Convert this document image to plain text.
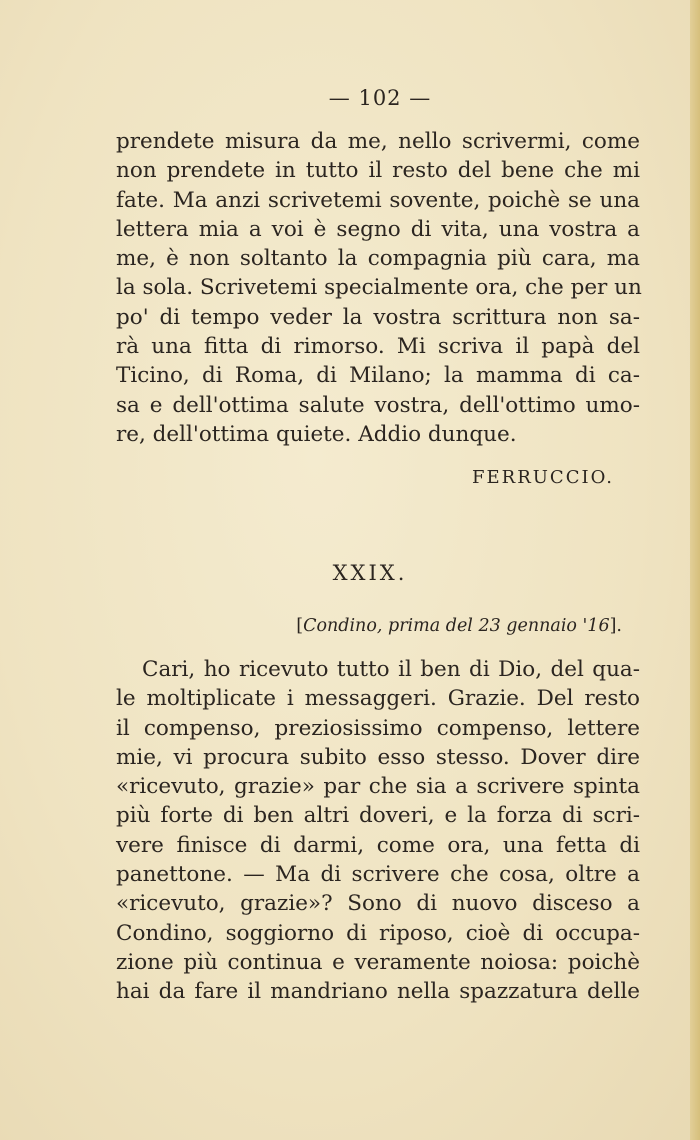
— 102 —
prendete misura da me, nello scrivermi, come
non prendete in tutto il resto del bene che mi
fate. Ma anzi scrivetemi sovente, poichè se una
lettera mia a voi è segno di vita, una vostra a
me, è non soltanto la compagnia più cara, ma
la sola. Scrivetemi specialmente ora, che per un
po' di tempo veder la vostra scrittura non sa-
rà una fitta di rimorso. Mi scriva il papà del
Ticino, di Roma, di Milano; la mamma di ca-
sa e dell'ottima salute vostra, dell'ottimo umo-
re, dell'ottima quiete. Addio dunque.
FERRUCCIO.
XXIX.
[Condino, prima del 23 gennaio '16].
Cari, ho ricevuto tutto il ben di Dio, del qua-
le moltiplicate i messaggeri. Grazie. Del resto
il compenso, preziosissimo compenso, lettere
mie, vi procura subito esso stesso. Dover dire
«ricevuto, grazie» par che sia a scrivere spinta
più forte di ben altri doveri, e la forza di scri-
vere finisce di darmi, come ora, una fetta di
panettone. — Ma di scrivere che cosa, oltre a
«ricevuto, grazie»? Sono di nuovo disceso a
Condino, soggiorno di riposo, cioè di occupa-
zione più continua e veramente noiosa: poichè
hai da fare il mandriano nella spazzatura delle
